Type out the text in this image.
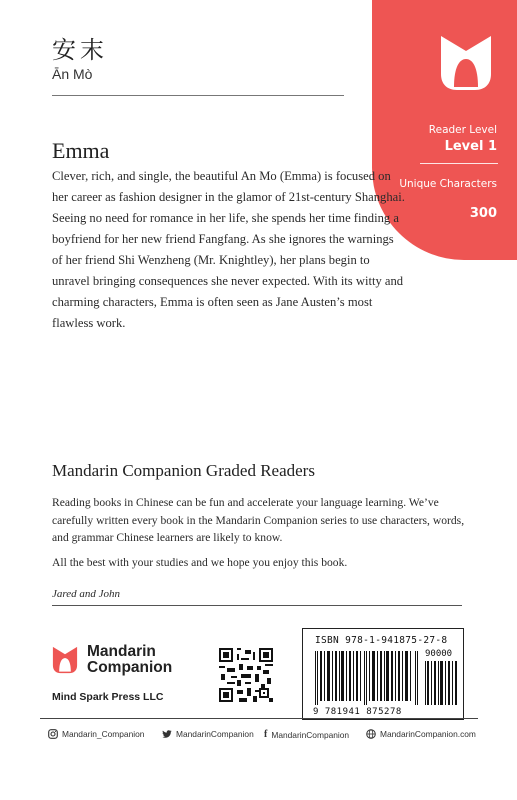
安末
Ān Mò
Reader Level
Level 1
Unique Characters
300
Emma

Clever, rich, and single, the beautiful An Mo (Emma) is focused on her career as fashion designer in the glamor of 21st-century Shanghai. Seeing no need for romance in her life, she spends her time finding a boyfriend for her new friend Fangfang. As she ignores the warnings of her friend Shi Wenzheng (Mr. Knightley), her plans begin to unravel bringing consequences she never expected. With its witty and charming characters, Emma is often seen as Jane Austen’s most flawless work.

Mandarin Companion Graded Readers

Reading books in Chinese can be fun and accelerate your language learning. We’ve carefully written every book in the Mandarin Companion series to use characters, words, and grammar Chinese learners are likely to know.

All the best with your studies and we hope you enjoy this book.

Jared and John
Mandarin
Companion
Mind Spark Press LLC
ISBN 978-1-941875-27-8
90000
9 781941 875278
Mandarin_Companion	MandarinCompanion f MandarinCompanion	MandarinCompanion.com
